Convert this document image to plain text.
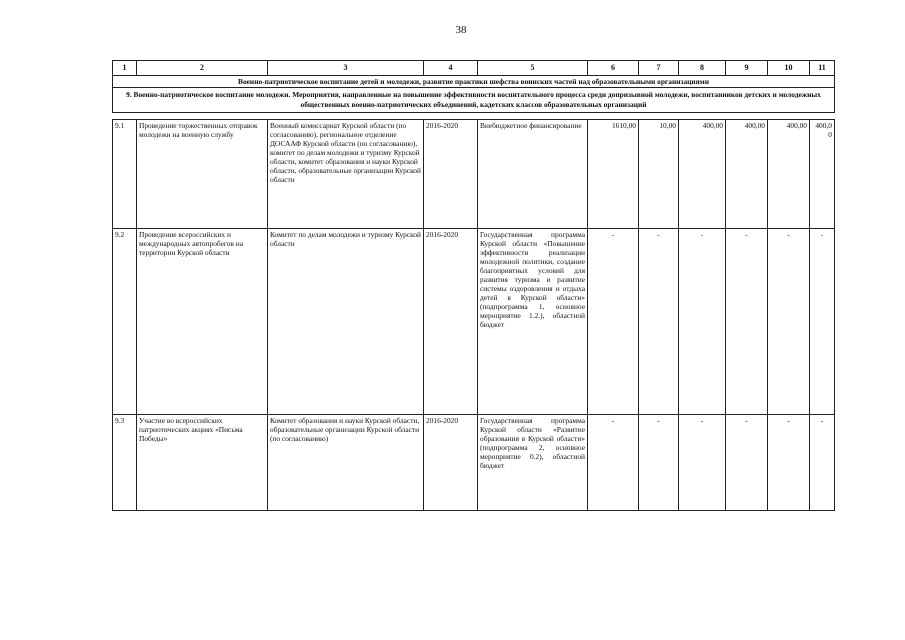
38
1	2	3	4	5	6	7	8	9	10	11
Военно-патриотическое воспитание детей и молодежи, развитие практики шефства воинских частей над образовательными организациями										
9. Военно-патриотическое воспитание молодежи. Мероприятия, направленные на повышение эффективности воспитательного процесса среди допризывной молодежи, воспитанников детских и молодежных общественных военно-патриотических объединений, кадетских классов образовательных организаций										

9.1	Проведение торжественных отправок молодежи на военную службу	Военный комиссариат Курской области (по согласованию), региональное отделение ДОСААФ Курской области (по согласованию), комитет по делам молодежи и туризму Курской области, комитет образования и науки Курской области, образовательные организации Курской области	2016-2020	Внебюджетное финансирование	1610,00	10,00	400,00	400,00	400,00	400,00
9.2	Проведение всероссийских и международных автопробегов на территории Курской области	Комитет по делам молодежи и туризму Курской области	2016-2020	Государственная программа Курской области «Повышение эффективности реализации молодежной политики, создание благоприятных условий для развития туризма и развитие системы оздоровления и отдыха детей в Курской области» (подпрограмма 1, основное мероприятие 1.2.), областной бюджет	-	-	-	-	-	-
9.3	Участие во всероссийских патриотических акциях «Письма Победы»	Комитет образования и науки Курской области, образовательные организации Курской области (по согласованию)	2016-2020	Государственная программа Курской области «Развитие образования в Курской области» (подпрограмма 2, основное мероприятие 0.2), областной бюджет	-	-	-	-	-	-
